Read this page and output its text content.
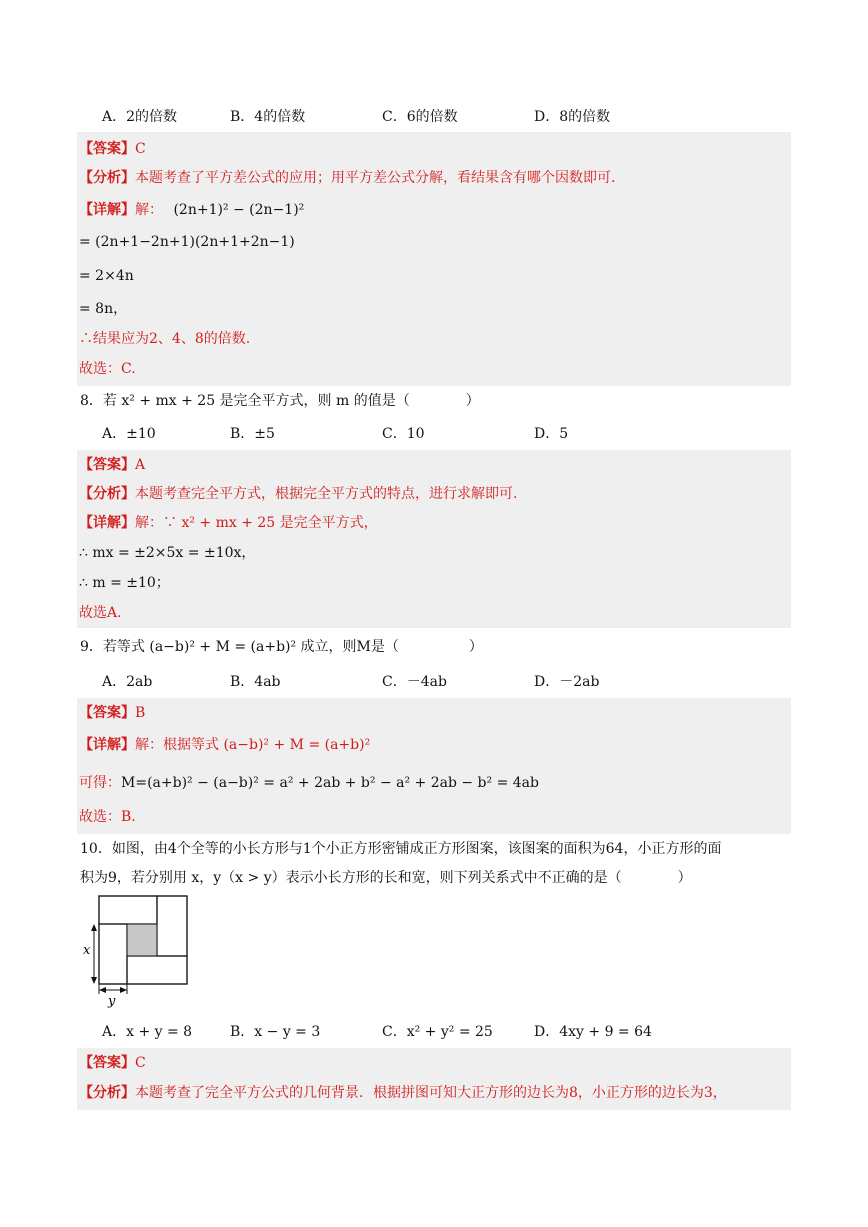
A．2的倍数	B．4的倍数	C．6的倍数	D．8的倍数
【答案】C
【分析】本题考查了平方差公式的应用；用平方差公式分解，看结果含有哪个因数即可.
【详解】解： (2n+1)² − (2n−1)²
= (2n+1−2n+1)(2n+1+2n−1)
= 2×4n
= 8n，
∴结果应为2、4、8的倍数.
故选：C.
8．若 x² + mx + 25 是完全平方式，则 m 的值是（　　　　）
A．±10	B．±5	C．10	D．5
【答案】A
【分析】本题考查完全平方式，根据完全平方式的特点，进行求解即可.
【详解】解：∵ x² + mx + 25 是完全平方式，
∴ mx = ±2×5x = ±10x，
∴ m = ±10；
故选A.
9．若等式 (a−b)² + M = (a+b)² 成立，则M是（　　　　　）
A．2ab	B．4ab	C．－4ab	D．－2ab
【答案】B
【详解】解：根据等式 (a−b)² + M = (a+b)²
可得：M=(a+b)² − (a−b)² = a² + 2ab + b² − a² + 2ab − b² = 4ab
故选：B.
10．如图，由4个全等的小长方形与1个小正方形密铺成正方形图案，该图案的面积为64，小正方形的面
积为9，若分别用 x，y（x > y）表示小长方形的长和宽，则下列关系式中不正确的是（　　　　）
x
y
A．x + y = 8	B．x − y = 3	C．x² + y² = 25	D．4xy + 9 = 64
【答案】C
【分析】本题考查了完全平方公式的几何背景．根据拼图可知大正方形的边长为8，小正方形的边长为3，
